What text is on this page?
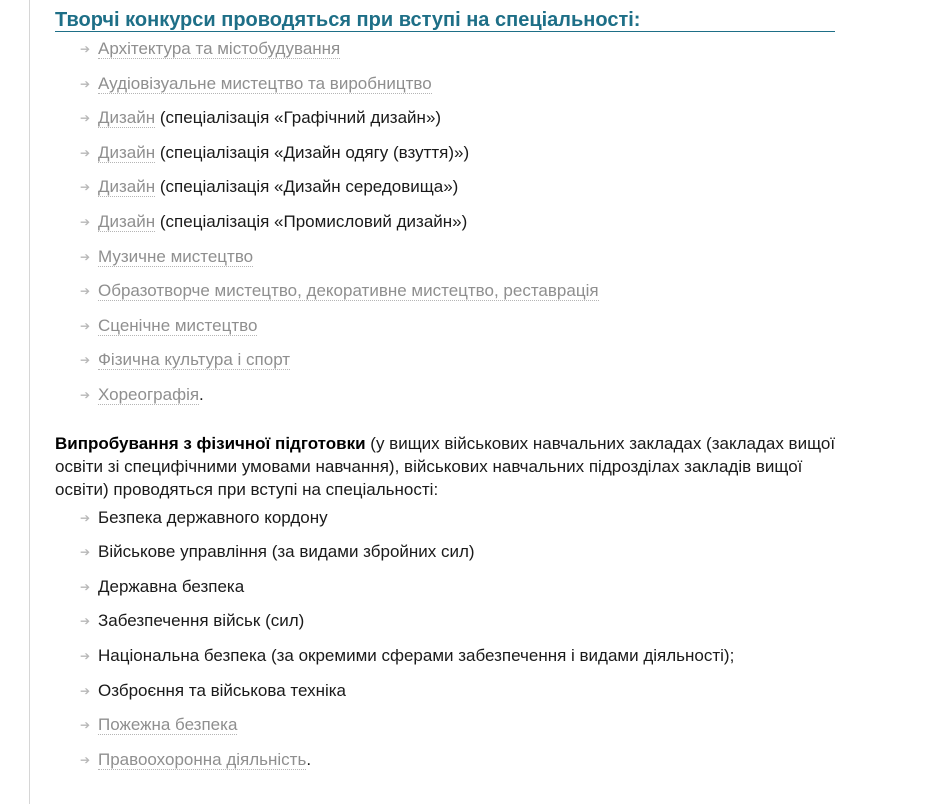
Творчі конкурси проводяться при вступі на спеціальності:
➔ Архітектура та містобудування
➔ Аудіовізуальне мистецтво та виробництво
➔ Дизайн (спеціалізація «Графічний дизайн»)
➔ Дизайн (спеціалізація «Дизайн одягу (взуття)»)
➔ Дизайн (спеціалізація «Дизайн середовища»)
➔ Дизайн (спеціалізація «Промисловий дизайн»)
➔ Музичне мистецтво
➔ Образотворче мистецтво, декоративне мистецтво, реставрація
➔ Сценічне мистецтво
➔ Фізична культура і спорт
➔ Хореографія.

Випробування з фізичної підготовки (у вищих військових навчальних закладах (закладах вищої освіти зі специфічними умовами навчання), військових навчальних підрозділах закладів вищої освіти) проводяться при вступі на спеціальності:

➔ Безпека державного кордону
➔ Військове управління (за видами збройних сил)
➔ Державна безпека
➔ Забезпечення військ (сил)
➔ Національна безпека (за окремими сферами забезпечення і видами діяльності);
➔ Озброєння та військова техніка
➔ Пожежна безпека
➔ Правоохоронна діяльність.
